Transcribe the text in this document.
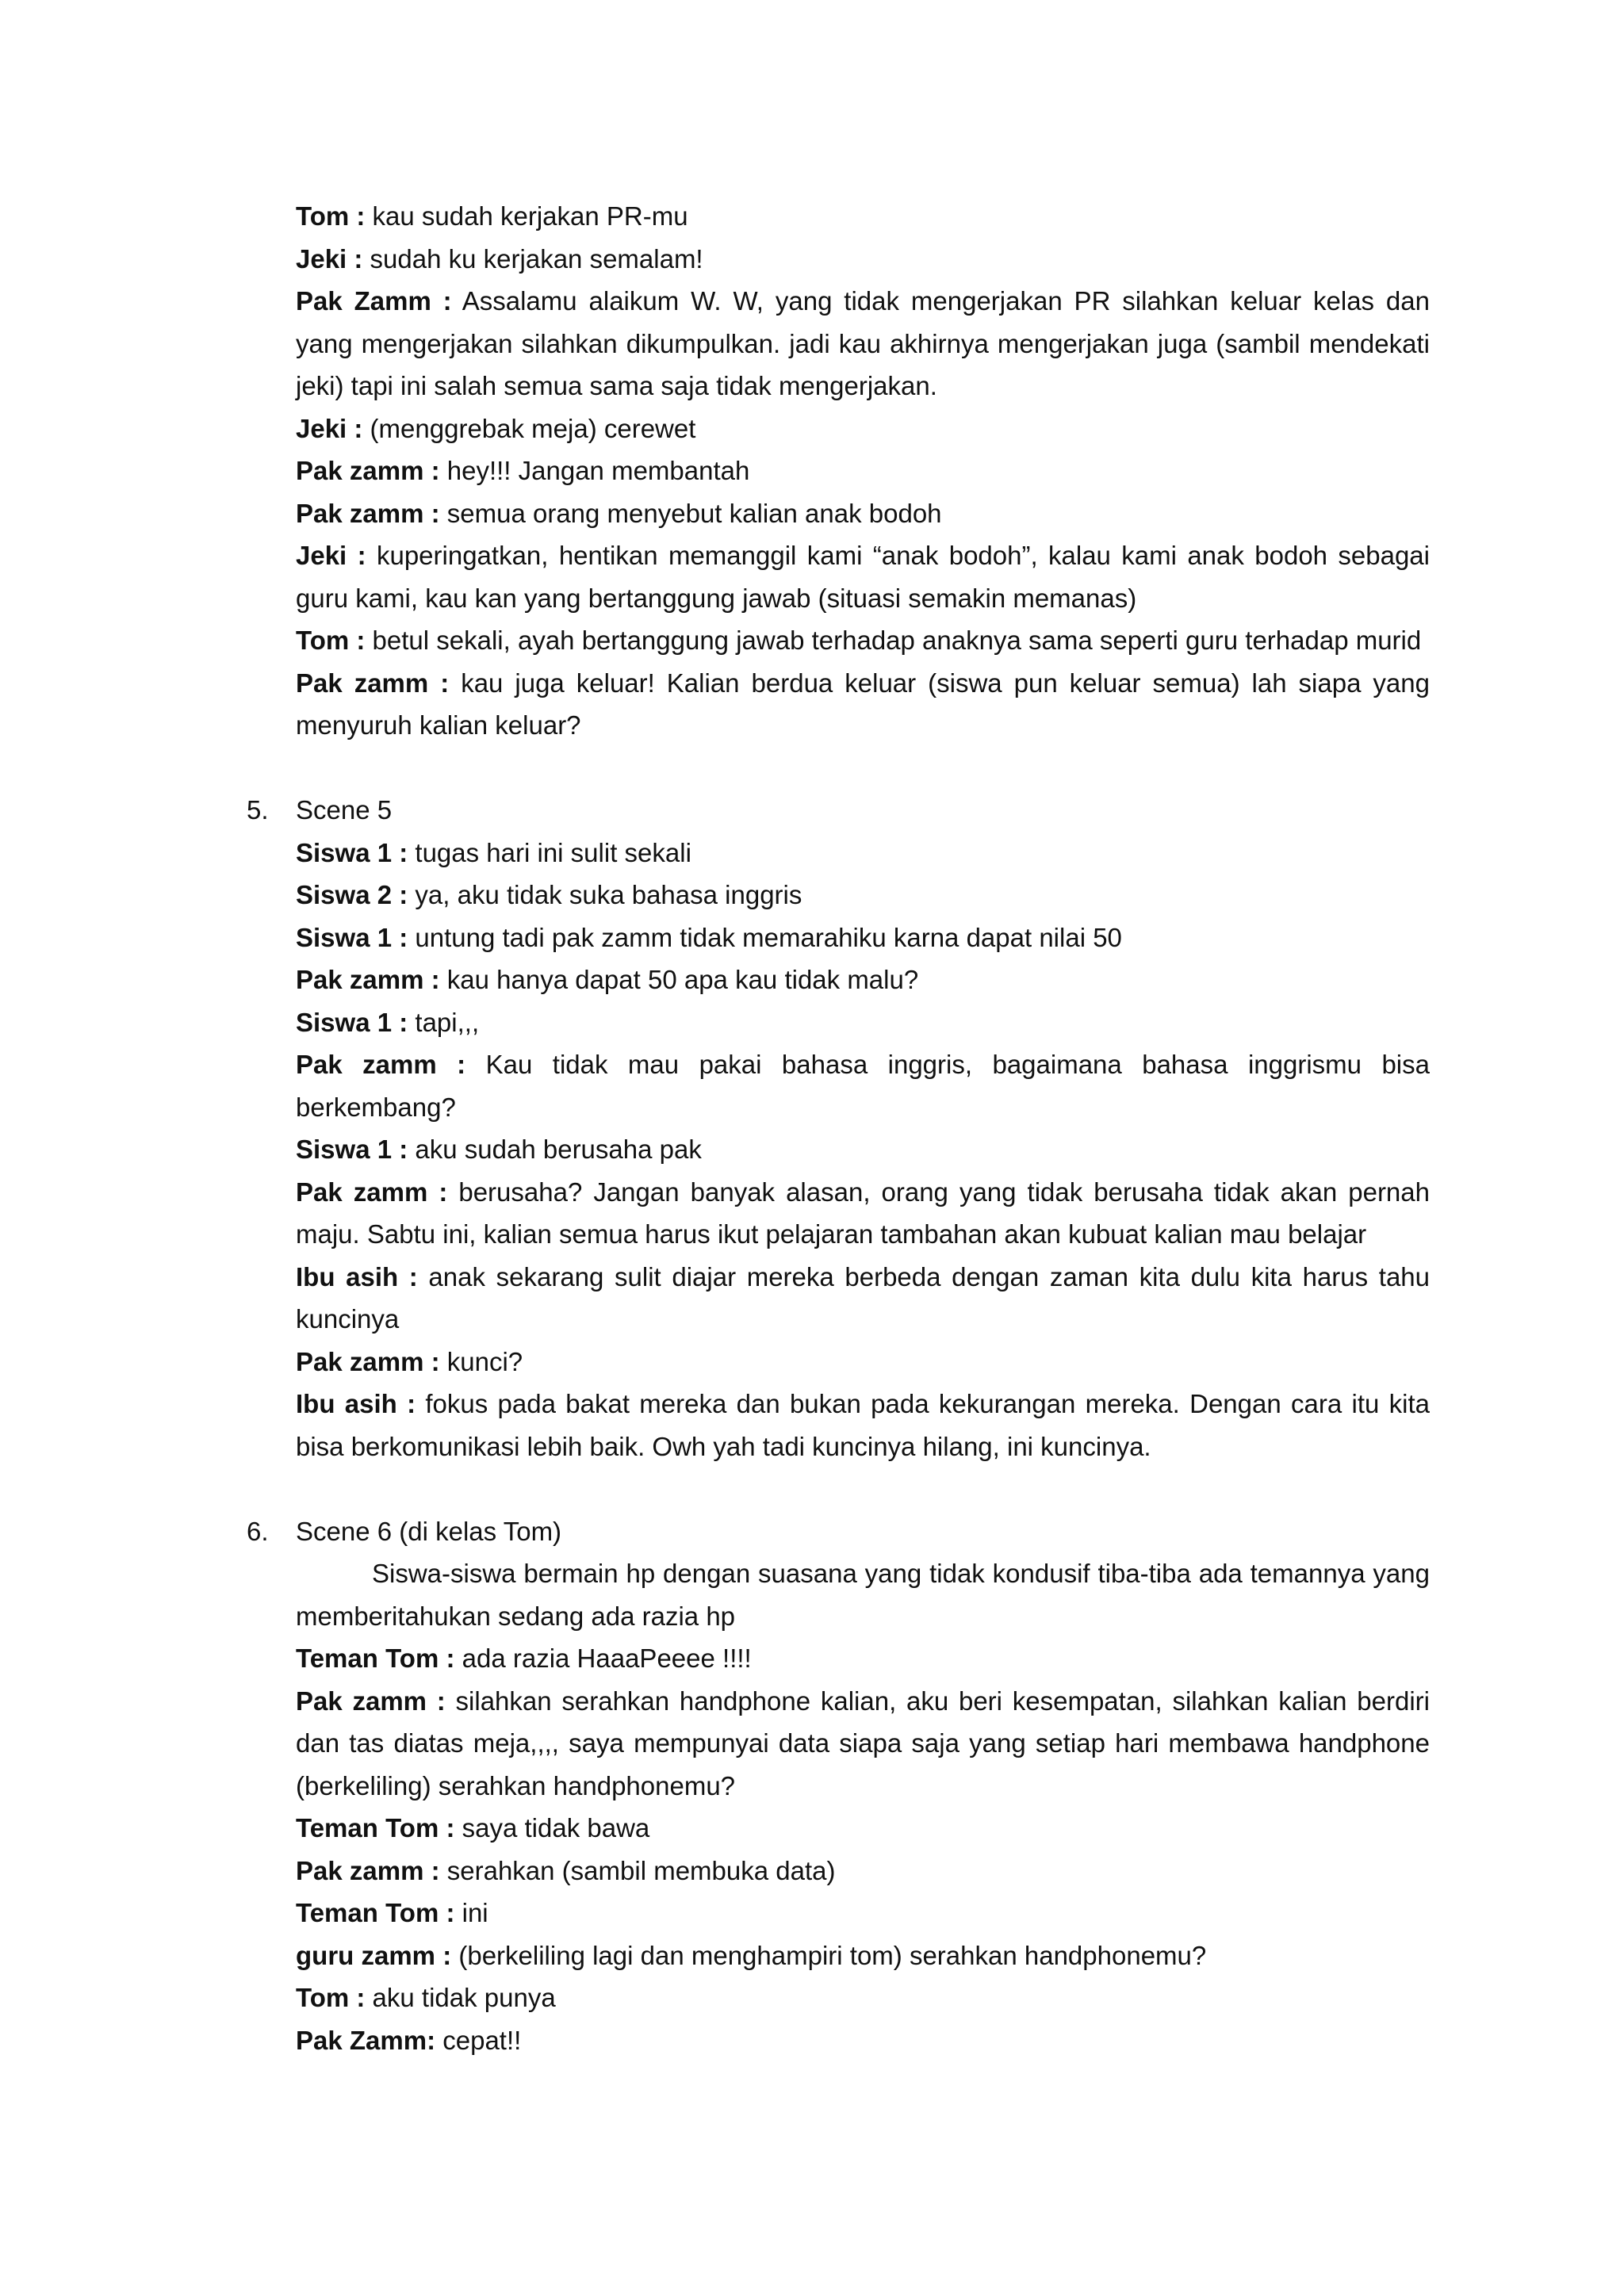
Tom : kau sudah kerjakan PR-mu
Jeki : sudah ku kerjakan semalam!
Pak Zamm : Assalamu alaikum W. W, yang tidak mengerjakan PR silahkan keluar kelas dan yang mengerjakan silahkan dikumpulkan. jadi kau akhirnya mengerjakan juga (sambil mendekati jeki) tapi ini salah semua sama saja tidak mengerjakan.
Jeki : (menggrebak meja) cerewet
Pak zamm : hey!!! Jangan membantah
Pak zamm : semua orang menyebut kalian anak bodoh
Jeki : kuperingatkan, hentikan memanggil kami “anak bodoh”, kalau kami anak bodoh sebagai guru kami, kau kan yang bertanggung jawab (situasi semakin memanas)
Tom : betul sekali, ayah bertanggung jawab terhadap anaknya sama seperti guru terhadap murid
Pak zamm : kau juga keluar! Kalian berdua keluar (siswa pun keluar semua) lah siapa yang menyuruh kalian keluar?
5. Scene 5
Siswa 1 : tugas hari ini sulit sekali
Siswa 2 : ya, aku tidak suka bahasa inggris
Siswa 1 : untung tadi pak zamm tidak memarahiku karna dapat nilai 50
Pak zamm : kau hanya dapat 50 apa kau tidak malu?
Siswa 1 : tapi,,,
Pak zamm : Kau tidak mau pakai bahasa inggris, bagaimana bahasa inggrismu bisa berkembang?
Siswa 1 : aku sudah berusaha pak
Pak zamm : berusaha? Jangan banyak alasan, orang yang tidak berusaha tidak akan pernah maju. Sabtu ini, kalian semua harus ikut pelajaran tambahan akan kubuat kalian mau belajar
Ibu asih : anak sekarang sulit diajar mereka berbeda dengan zaman kita dulu kita harus tahu kuncinya
Pak zamm : kunci?
Ibu asih : fokus pada bakat mereka dan bukan pada kekurangan mereka. Dengan cara itu kita bisa berkomunikasi lebih baik. Owh yah tadi kuncinya hilang, ini kuncinya.
6. Scene 6 (di kelas Tom)
Siswa-siswa bermain hp dengan suasana yang tidak kondusif tiba-tiba ada temannya yang memberitahukan sedang ada razia hp
Teman Tom : ada razia HaaaPeeee !!!!
Pak zamm : silahkan serahkan handphone kalian, aku beri kesempatan, silahkan kalian berdiri dan tas diatas meja,,,, saya mempunyai data siapa saja yang setiap hari membawa handphone (berkeliling) serahkan handphonemu?
Teman Tom : saya tidak bawa
Pak zamm : serahkan (sambil membuka data)
Teman Tom : ini
guru zamm : (berkeliling lagi dan menghampiri tom) serahkan handphonemu?
Tom : aku tidak punya
Pak Zamm: cepat!!
